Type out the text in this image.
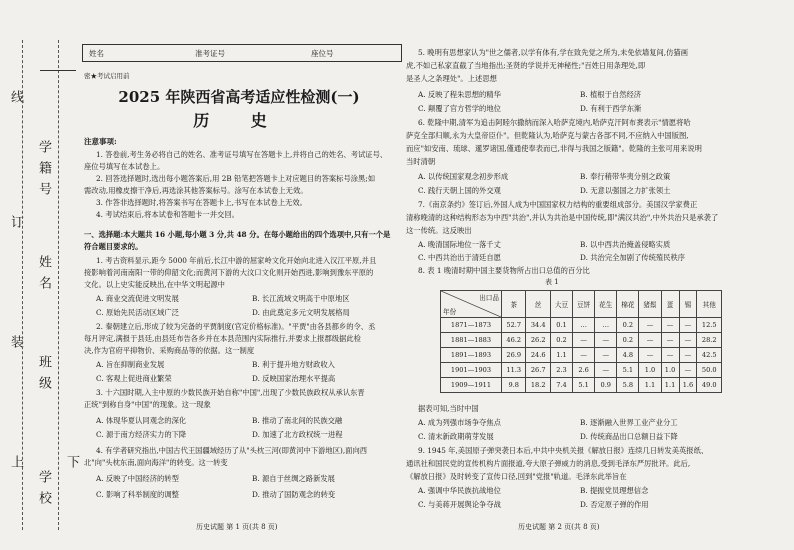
线
学 籍 号
订
姓 名
装
班 级
上	下
学 校
姓名	准考证号	座位号
密★考试启用前
2025 年陕西省高考适应性检测(一)
历 史
注意事项:
1. 答卷前,考生务必将自己的姓名、准考证号填写在答题卡上,并将自己的姓名、考试证号、
座位号填写在本试卷上。
2. 回答选择题时,选出每小题答案后,用 2B 铅笔把答题卡上对应题目的答案标号涂黑;如
需改动,用橡皮擦干净后,再选涂其他答案标号。涂写在本试卷上无效。
3. 作答非选择题时,将答案书写在答题卡上,书写在本试卷上无效。
4. 考试结束后,将本试卷和答题卡一并交回。
一、选择题:本大题共 16 小题,每小题 3 分,共 48 分。在每小题给出的四个选项中,只有一个是
符合题目要求的。
1. 考古资料显示,距今 5000 年前后,长江中游的屈家岭文化开始向北进入汉江平原,并且
接影响着河南南阳一带的仰韶文化;而黄河下游的大汶口文化则开始西进,影响到豫东平原的
文化。以上史实能反映出,在中华文明起源中
A. 商业交流促进文明发展	B. 长江流域文明高于中原地区
C. 原始先民活动区域广泛	D. 由此奠定多元文明发展格局
2. 秦朝建立后,形成了较为完备的平贾制度(官定价格标准)。"平贾"由各县都乡的令、丞
每月评定,满报于县廷,由县廷布告各乡并在本县范围内实际推行,并要求上报郡级据此检
决,作为官府平抑物价、采购商品等的依据。这一制度
A. 旨在抑制商业发展	B. 利于提升地方财政收入
C. 客观上促进商业繁荣	D. 反映国家治理水平提高
3. 十六国时期,入主中原的少数民族开始自称"中国",出现了少数民族政权从承认东晋
正统"到称自身"中国"的现象。这一现象
A. 体现华夏认同观念的深化	B. 推动了南北间的民族交融
C. 源于南方经济实力的下降	D. 加速了北方政权统一进程
4. 有学者研究指出,中国古代王国疆域经历了从"头枕三河(即黄河中下游地区),面向西
北"向"头枕东南,面向海洋"的转变。这一转变
A. 反映了中国经济的转型	B. 源自于丝绸之路新发展
C. 影响了科举制度的调整	D. 推动了国防观念的转变
历史试题 第 1 页(共 8 页)
5. 晚明有思想家认为"世之儒者,以学有体有,学在致先觉之所为,未免依墙复间,仿猫画
虎,不如己私家直截了当地指出;圣贤的学说并无神秘性;"百姓日用条理处,即
是圣人之条理处"。上述思想
A. 反映了程朱思想的精华	B. 植根于自然经济
C. 颠覆了官方哲学的地位	D. 有利于西学东渐
6. 乾隆中期,清军为追击阿睦尔撒纳而深入哈萨克境内,哈萨克汗阿布赉表示"情愿将哈
萨克全部归顺,永为大皇帝臣仆"。但乾隆认为,哈萨克与蒙古各部不同,不应纳入中国版图,
而应"如安南、琉球、暹罗诸国,僅通使奉表而已,非得与我国之版籍"。乾隆的主张可用来说明
当时清朝
A. 以传统国家观念初步形成	B. 奉行稍带华夷分别之政策
C. 践行天朝上国的外交观	D. 无意以强国之力扩张领土
7.《南京条约》签订后,外国人成为中国国家权力结构的重要组成部分。美国汉学家费正
清称晚清的这种结构形态为中西"共治",并认为共治是中国传统,即"满汉共治",中外共治只是承袭了
这一传统。这反映出
A. 晚清国际地位一落千丈	B. 以中西共治掩盖侵略实质
C. 中西共治出于清廷自愿	D. 共治完全加剧了传统殖民秩序
8. 表 1 晚清时期中国主要货物所占出口总值的百分比
表 1
出口品
年份	茶	丝	大豆	豆饼	花生	棉花	猪鬃	蛋	锡	其他
1871—1873	52.7	34.4	0.1	…	…	0.2	—	—	—	12.5
1881—1883	46.2	26.2	0.2	—	—	0.2	—	—	—	28.2
1891—1893	26.9	24.6	1.1	—	—	4.8	—	—	—	42.5
1901—1903	11.3	26.7	2.3	2.6	—	5.1	1.0	1.0	—	50.0
1909—1911	9.8	18.2	7.4	5.1	0.9	5.8	1.1	1.1	1.6	49.0
据表可知,当时中国
A. 成为列强市场争夺焦点	B. 逐渐融入世界工业产业分工
C. 清末新政期萌芽发展	D. 传统商品出口总额日益下降
9. 1945 年,美国原子弹突袭日本后,中共中央机关报《解放日报》连续几日转发美英报纸、
通讯社和国民党的宣传机构片面报道,夸大原子弹威力的消息,受到毛泽东严厉批评。此后,
《解放日报》及时转变了宣传口径,回到"党报"轨道。毛泽东此举旨在
A. 强调中华民族抗战地位	B. 提振党员理想信念
C. 与美蒋开展舆论争夺战	D. 否定原子弹的作用
历史试题 第 2 页(共 8 页)
